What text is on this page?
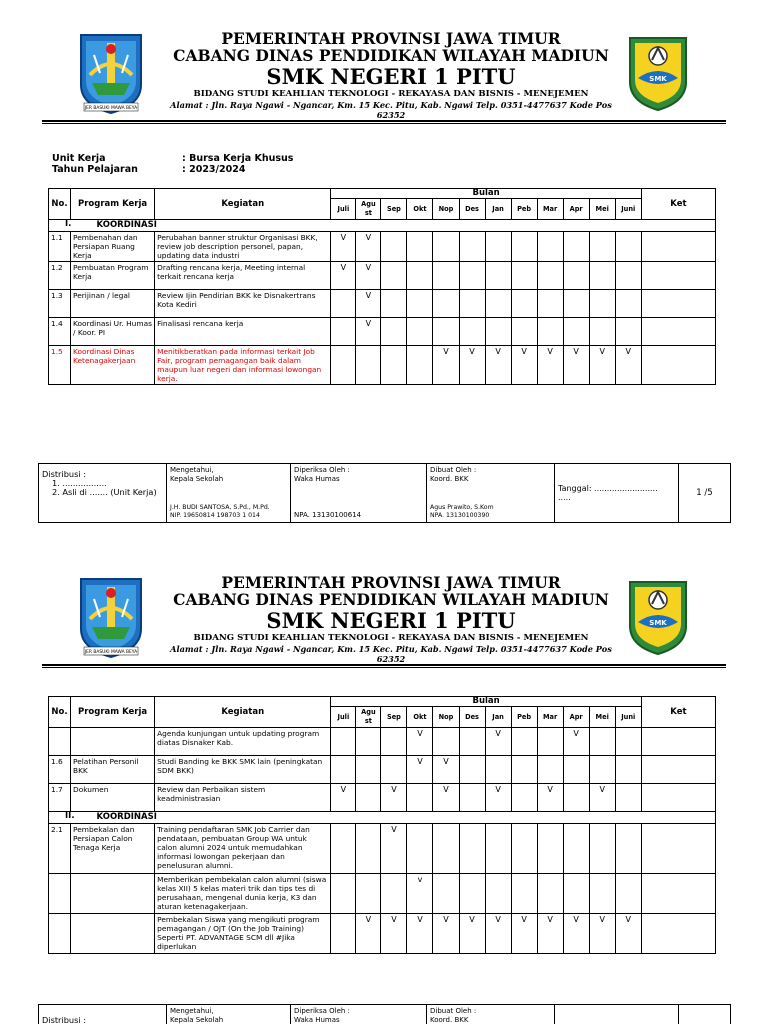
JER BASUKI MAWA BEYA
PEMERINTAH PROVINSI JAWA TIMUR
CABANG DINAS PENDIDIKAN WILAYAH MADIUN
SMK NEGERI 1 PITU
BIDANG STUDI KEAHLIAN TEKNOLOGI - REKAYASA DAN BISNIS - MENEJEMEN
Alamat : Jln. Raya Ngawi - Ngancar, Km. 15 Kec. Pitu, Kab. Ngawi Telp. 0351-4477637 Kode Pos 62352
SMK
Unit Kerja	: Bursa Kerja Khusus
Tahun Pelajaran	: 2023/2024
No.	Program Kerja	Kegiatan	Bulan												Ket
			Juli	Agu st	Sep	Okt	Nop	Des	Jan	Peb	Mar	Apr	Mei	Juni	
I.	KOORDINASI														
1.1	Pembenahan dan Persiapan Ruang Kerja	Perubahan banner struktur Organisasi BKK, review job description personel, papan, updating data industri	V	V											
1.2	Pembuatan Program Kerja	Drafting rencana kerja, Meeting internal terkait rencana kerja	V	V											
1.3	Perijinan / legal	Review Ijin Pendirian BKK ke Disnakertrans Kota Kediri		V											
1.4	Koordinasi Ur. Humas / Koor. PI	Finalisasi rencana kerja		V											
1.5	Koordinasi Dinas Ketenagakerjaan	Menitikberatkan pada informasi terkait Job Fair, program pemagangan baik dalam maupun luar negeri dan informasi lowongan kerja.					V	V	V	V	V	V	V	V	
Distribusi :
1. .................
2. Asli di ....... (Unit Kerja)

Mengetahui,
Kepala Sekolah
J.H. BUDI SANTOSA, S.Pd., M.Pd.
NIP. 19650814 198703 1 014

Diperiksa Oleh :
Waka Humas
NPA. 13130100614

Dibuat Oleh :
Koord. BKK
Agus Prawito, S.Kom
NPA. 13130100390

Tanggal: .........................
.....	1 /5
JER BASUKI MAWA BEYA
PEMERINTAH PROVINSI JAWA TIMUR
CABANG DINAS PENDIDIKAN WILAYAH MADIUN
SMK NEGERI 1 PITU
BIDANG STUDI KEAHLIAN TEKNOLOGI - REKAYASA DAN BISNIS - MENEJEMEN
Alamat : Jln. Raya Ngawi - Ngancar, Km. 15 Kec. Pitu, Kab. Ngawi Telp. 0351-4477637 Kode Pos 62352
SMK
No.	Program Kerja	Kegiatan	Bulan												Ket
			Juli	Agu st	Sep	Okt	Nop	Des	Jan	Peb	Mar	Apr	Mei	Juni	
		Agenda kunjungan untuk updating program diatas Disnaker Kab.				V			V			V			
1.6	Pelatihan Personil BKK	Studi Banding ke BKK SMK lain (peningkatan SDM BKK)				V	V								
1.7	Dokumen	Review dan Perbaikan sistem keadministrasian	V		V		V		V		V		V		
II.	KOORDINASI														
2.1	Pembekalan dan Persiapan Calon Tenaga Kerja	Training pendaftaran SMK Job Carrier dan pendataan, pembuatan Group WA untuk calon alumni 2024 untuk memudahkan informasi lowongan pekerjaan dan penelusuran alumni.			V										
		Memberikan pembekalan calon alumni (siswa kelas XII) 5 kelas materi trik dan tips tes di perusahaan, mengenal dunia kerja, K3 dan aturan ketenagakerjaan.				v									
		Pembekalan Siswa yang mengikuti program pemagangan / OJT (On the Job Training) Seperti PT. ADVANTAGE SCM dll #Jika diperlukan		V	V	V	V	V	V	V	V	V	V	V	
Distribusi :

Mengetahui,
Kepala Sekolah

Diperiksa Oleh :
Waka Humas

Dibuat Oleh :
Koord. BKK
